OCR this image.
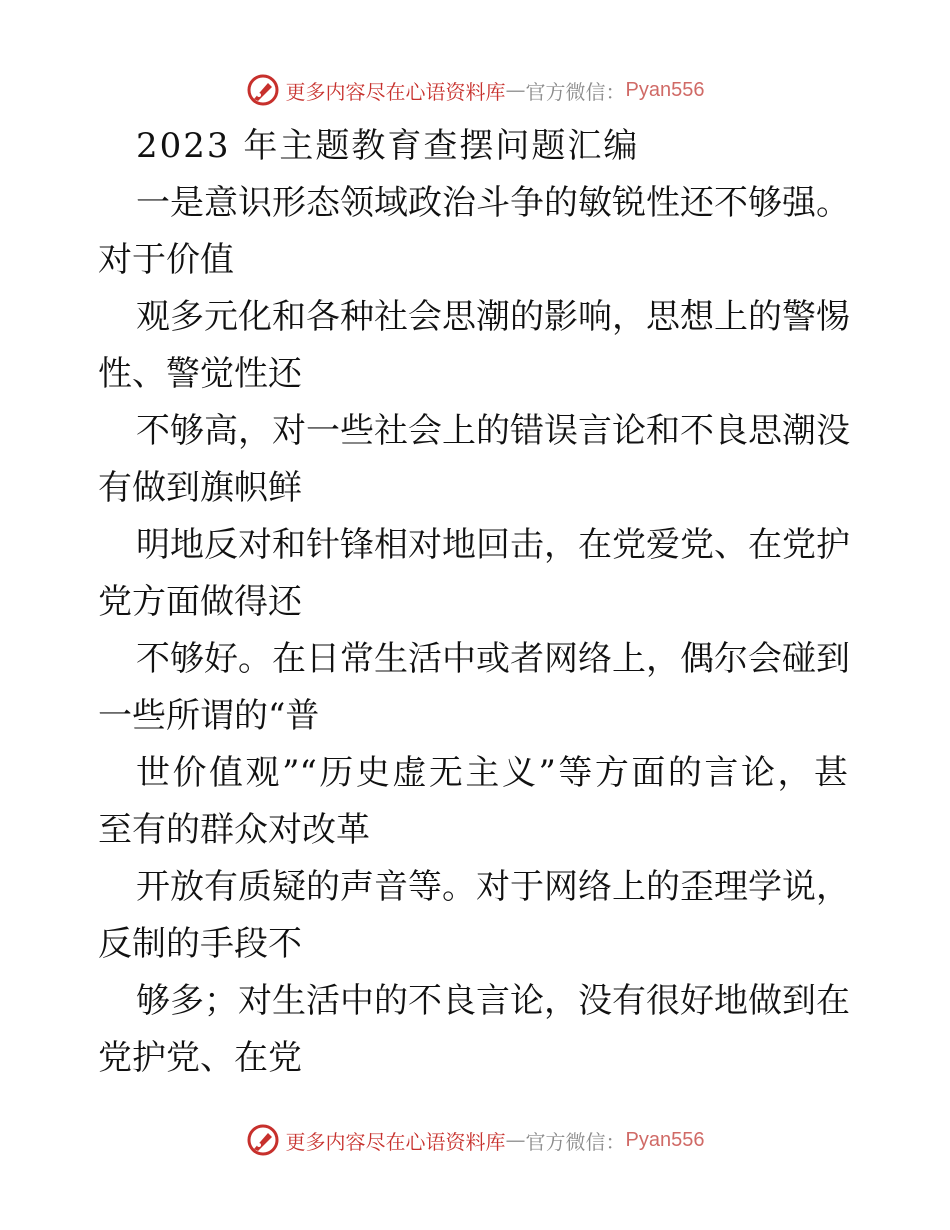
更多内容尽在心语资料库 — 官方微信： Pyan556
2023 年主题教育查摆问题汇编
一是意识形态领域政治斗争的敏锐性还不够强。
对于价值
观多元化和各种社会思潮的影响，思想上的警惕
性、警觉性还
不够高，对一些社会上的错误言论和不良思潮没
有做到旗帜鲜
明地反对和针锋相对地回击，在党爱党、在党护
党方面做得还
不够好。在日常生活中或者网络上，偶尔会碰到
一些所谓的“普
世价值观”“历史虚无主义”等方面的言论，甚
至有的群众对改革
开放有质疑的声音等。对于网络上的歪理学说，
反制的手段不
够多；对生活中的不良言论，没有很好地做到在
党护党、在党
更多内容尽在心语资料库 — 官方微信： Pyan556
